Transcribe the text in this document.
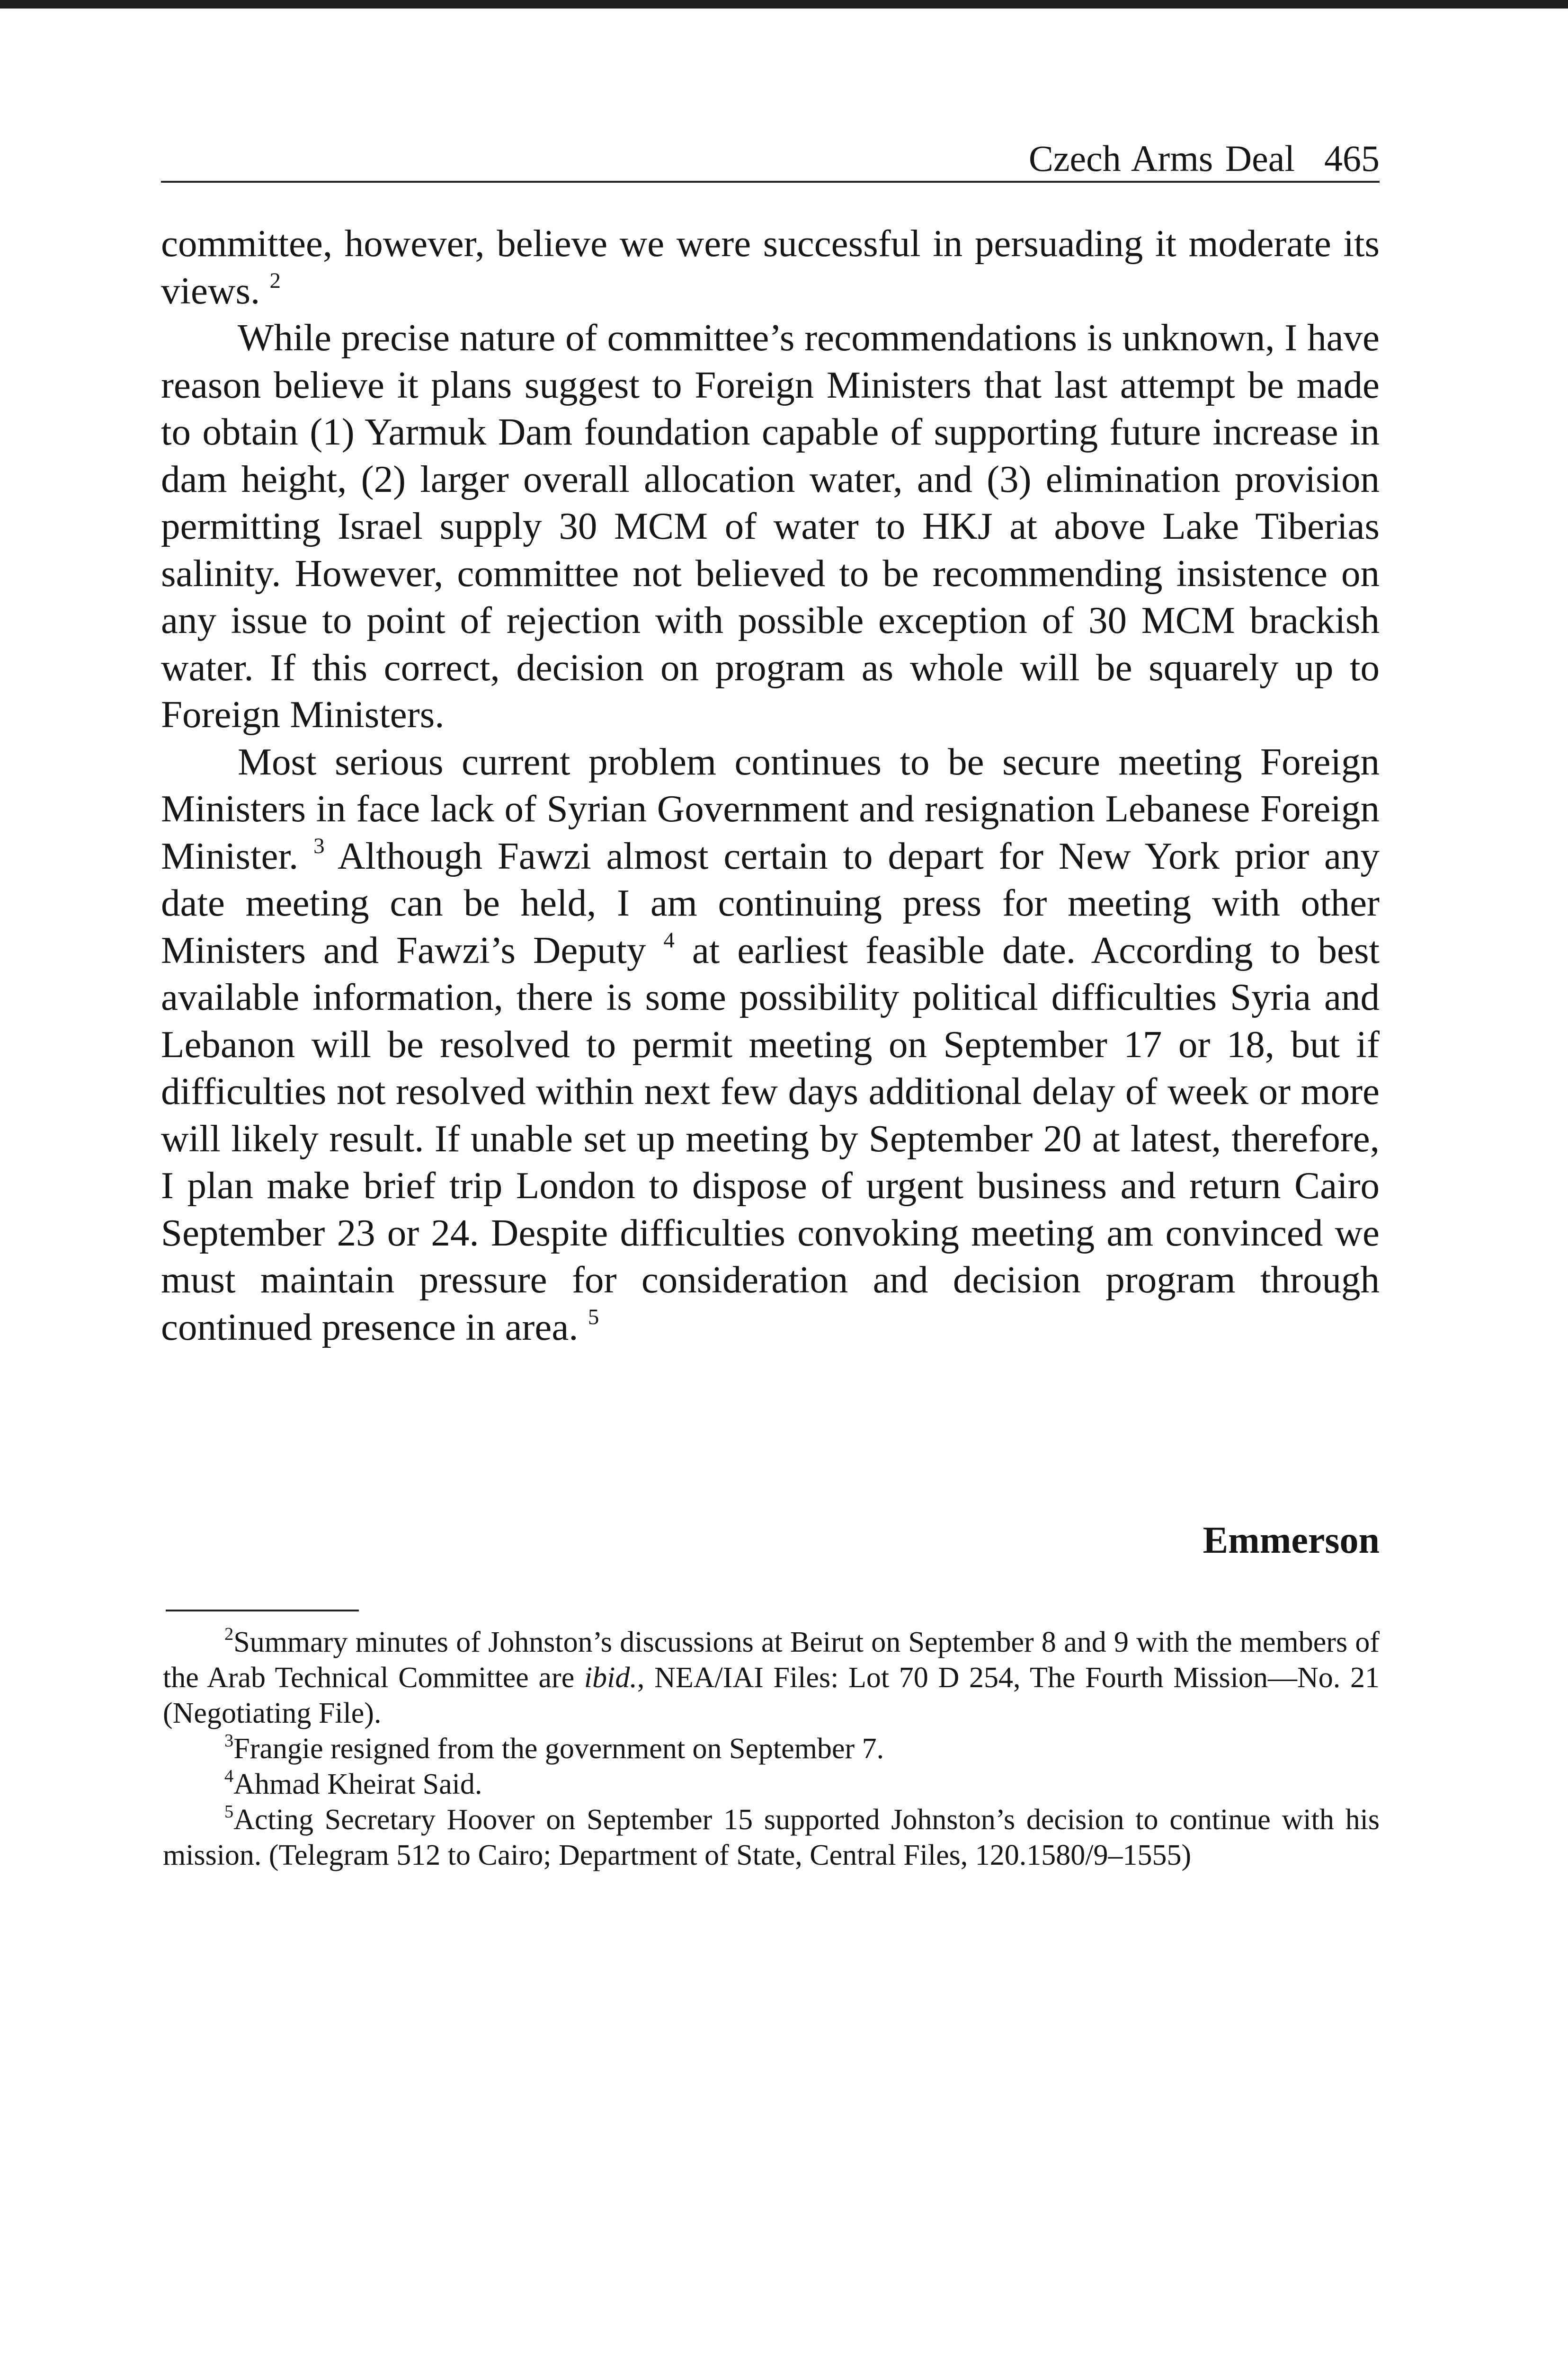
Czech Arms Deal 465

committee, however, believe we were successful in persuading it moderate its views. $^2$

While precise nature of committee’s recommendations is unknown, I have reason believe it plans suggest to Foreign Ministers that last attempt be made to obtain (1) Yarmuk Dam foundation capable of supporting future increase in dam height, (2) larger overall allocation water, and (3) elimination provision permitting Israel supply 30 MCM of water to HKJ at above Lake Tiberias salinity. However, committee not believed to be recommending insistence on any issue to point of rejection with possible exception of 30 MCM brackish water. If this correct, decision on program as whole will be squarely up to Foreign Ministers.

Most serious current problem continues to be secure meeting Foreign Ministers in face lack of Syrian Government and resignation Lebanese Foreign Minister. $^3$ Although Fawzi almost certain to depart for New York prior any date meeting can be held, I am continuing press for meeting with other Ministers and Fawzi’s Deputy $^4$ at earliest feasible date. According to best available information, there is some possibility political difficulties Syria and Lebanon will be resolved to permit meeting on September 17 or 18, but if difficulties not resolved within next few days additional delay of week or more will likely result. If unable set up meeting by September 20 at latest, therefore, I plan make brief trip London to dispose of urgent business and return Cairo September 23 or 24. Despite difficulties convoking meeting am convinced we must maintain pressure for consideration and decision program through continued presence in area. $^5$

Emmerson

$^2$Summary minutes of Johnston’s discussions at Beirut on September 8 and 9 with the members of the Arab Technical Committee are ibid., NEA/IAI Files: Lot 70 D 254, The Fourth Mission—No. 21 (Negotiating File).

$^3$Frangie resigned from the government on September 7.

$^4$Ahmad Kheirat Said.

$^5$Acting Secretary Hoover on September 15 supported Johnston’s decision to continue with his mission. (Telegram 512 to Cairo; Department of State, Central Files, 120.1580/9–1555)
